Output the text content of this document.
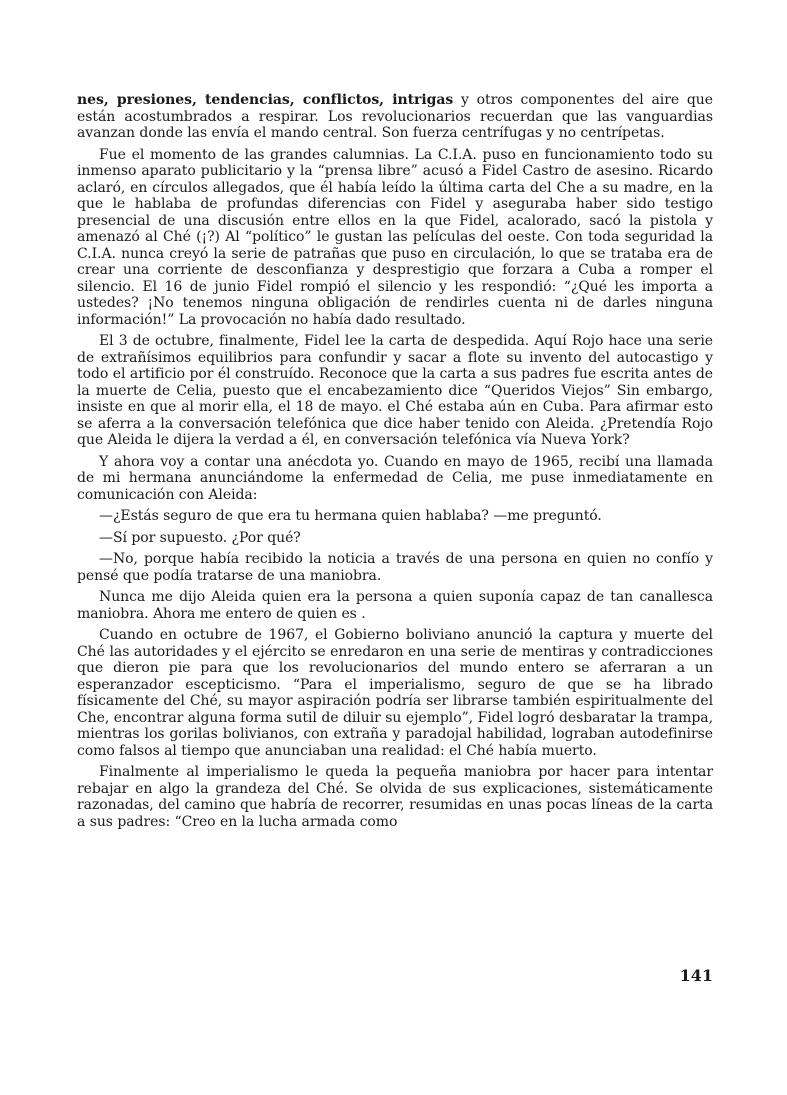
nes, presiones, tendencias, conflictos, intrigas y otros componentes del aire que están acostumbrados a respirar. Los revolucionarios recuerdan que las vanguardias avanzan donde las envía el mando central. Son fuerza centrífugas y no centrípetas.

Fue el momento de las grandes calumnias. La C.I.A. puso en funcionamiento todo su inmenso aparato publicitario y la “prensa libre” acusó a Fidel Castro de asesino. Ricardo aclaró, en círculos allegados, que él había leído la última carta del Che a su madre, en la que le hablaba de profundas diferencias con Fidel y aseguraba haber sido testigo presencial de una discusión entre ellos en la que Fidel, acalorado, sacó la pistola y amenazó al Ché (¡?) Al “político” le gustan las películas del oeste. Con toda seguridad la C.I.A. nunca creyó la serie de patrañas que puso en circulación, lo que se trataba era de crear una corriente de desconfianza y desprestigio que forzara a Cuba a romper el silencio. El 16 de junio Fidel rompió el silencio y les respondió: “¿Qué les importa a ustedes? ¡No tenemos ninguna obligación de rendirles cuenta ni de darles ninguna información!” La provocación no había dado resultado.

El 3 de octubre, finalmente, Fidel lee la carta de despedida. Aquí Rojo hace una serie de extrañísimos equilibrios para confundir y sacar a flote su invento del autocastigo y todo el artificio por él construído. Reconoce que la carta a sus padres fue escrita antes de la muerte de Celia, puesto que el encabezamiento dice “Queridos Viejos” Sin embargo, insiste en que al morir ella, el 18 de mayo. el Ché estaba aún en Cuba. Para afirmar esto se aferra a la conversación telefónica que dice haber tenido con Aleida. ¿Pretendía Rojo que Aleida le dijera la verdad a él, en conversación telefónica vía Nueva York?

Y ahora voy a contar una anécdota yo. Cuando en mayo de 1965, recibí una llamada de mi hermana anunciándome la enfermedad de Celia, me puse inmediatamente en comunicación con Aleida:

—¿Estás seguro de que era tu hermana quien hablaba? —me preguntó.

—Sí por supuesto. ¿Por qué?

—No, porque había recibido la noticia a través de una persona en quien no confío y pensé que podía tratarse de una maniobra.

Nunca me dijo Aleida quien era la persona a quien suponía capaz de tan canallesca maniobra. Ahora me entero de quien es .

Cuando en octubre de 1967, el Gobierno boliviano anunció la captura y muerte del Ché las autoridades y el ejército se enredaron en una serie de mentiras y contradicciones que dieron pie para que los revolucionarios del mundo entero se aferraran a un esperanzador escepticismo. “Para el imperialismo, seguro de que se ha librado físicamente del Ché, su mayor aspiración podría ser librarse también espiritualmente del Che, encontrar alguna forma sutil de diluir su ejemplo”, Fidel logró desbaratar la trampa, mientras los gorilas bolivianos, con extraña y paradojal habilidad, lograban autodefinirse como falsos al tiempo que anunciaban una realidad: el Ché había muerto.

Finalmente al imperialismo le queda la pequeña maniobra por hacer para intentar rebajar en algo la grandeza del Ché. Se olvida de sus explicaciones, sistemáticamente razonadas, del camino que habría de recorrer, resumidas en unas pocas líneas de la carta a sus padres: “Creo en la lucha armada como

141
